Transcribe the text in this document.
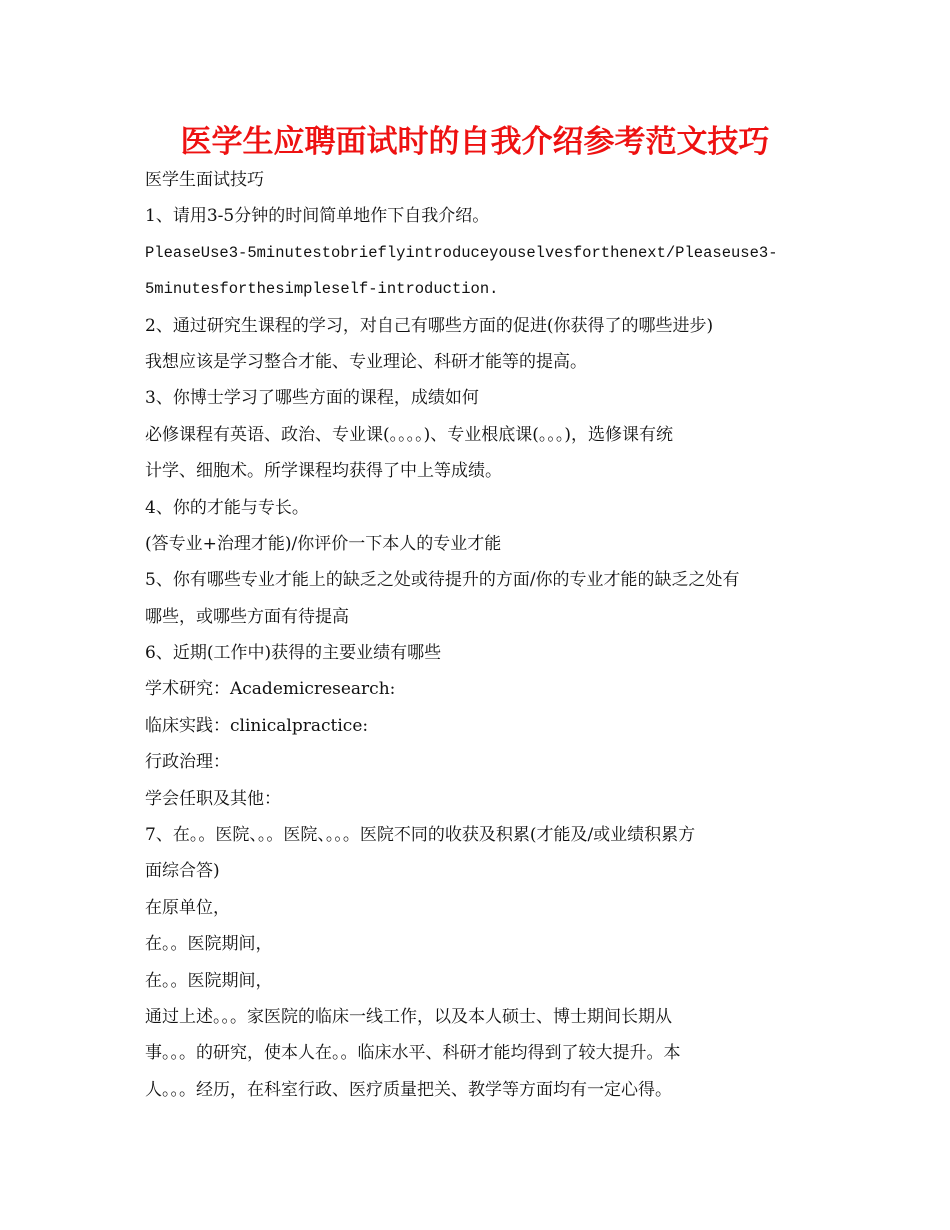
医学生应聘面试时的自我介绍参考范文技巧
医学生面试技巧
1、请用3-5分钟的时间简单地作下自我介绍。
PleaseUse3-5minutestobrieflyintroduceyouselvesforthenext/Pleaseuse3-
5minutesforthesimpleself-introduction.
2、通过研究生课程的学习，对自己有哪些方面的促进(你获得了的哪些进步)
我想应该是学习整合才能、专业理论、科研才能等的提高。
3、你博士学习了哪些方面的课程，成绩如何
必修课程有英语、政治、专业课(。。。。)、专业根底课(。。。)，选修课有统
计学、细胞术。所学课程均获得了中上等成绩。
4、你的才能与专长。
(答专业+治理才能)/你评价一下本人的专业才能
5、你有哪些专业才能上的缺乏之处或待提升的方面/你的专业才能的缺乏之处有
哪些，或哪些方面有待提高
6、近期(工作中)获得的主要业绩有哪些
学术研究：Academicresearch:
临床实践：clinicalpractice:
行政治理：
学会任职及其他：
7、在。。医院、。。医院、。。。医院不同的收获及积累(才能及/或业绩积累方
面综合答)
在原单位，
在。。医院期间，
在。。医院期间，
通过上述。。。家医院的临床一线工作，以及本人硕士、博士期间长期从
事。。。的研究，使本人在。。临床水平、科研才能均得到了较大提升。本
人。。。经历，在科室行政、医疗质量把关、教学等方面均有一定心得。
